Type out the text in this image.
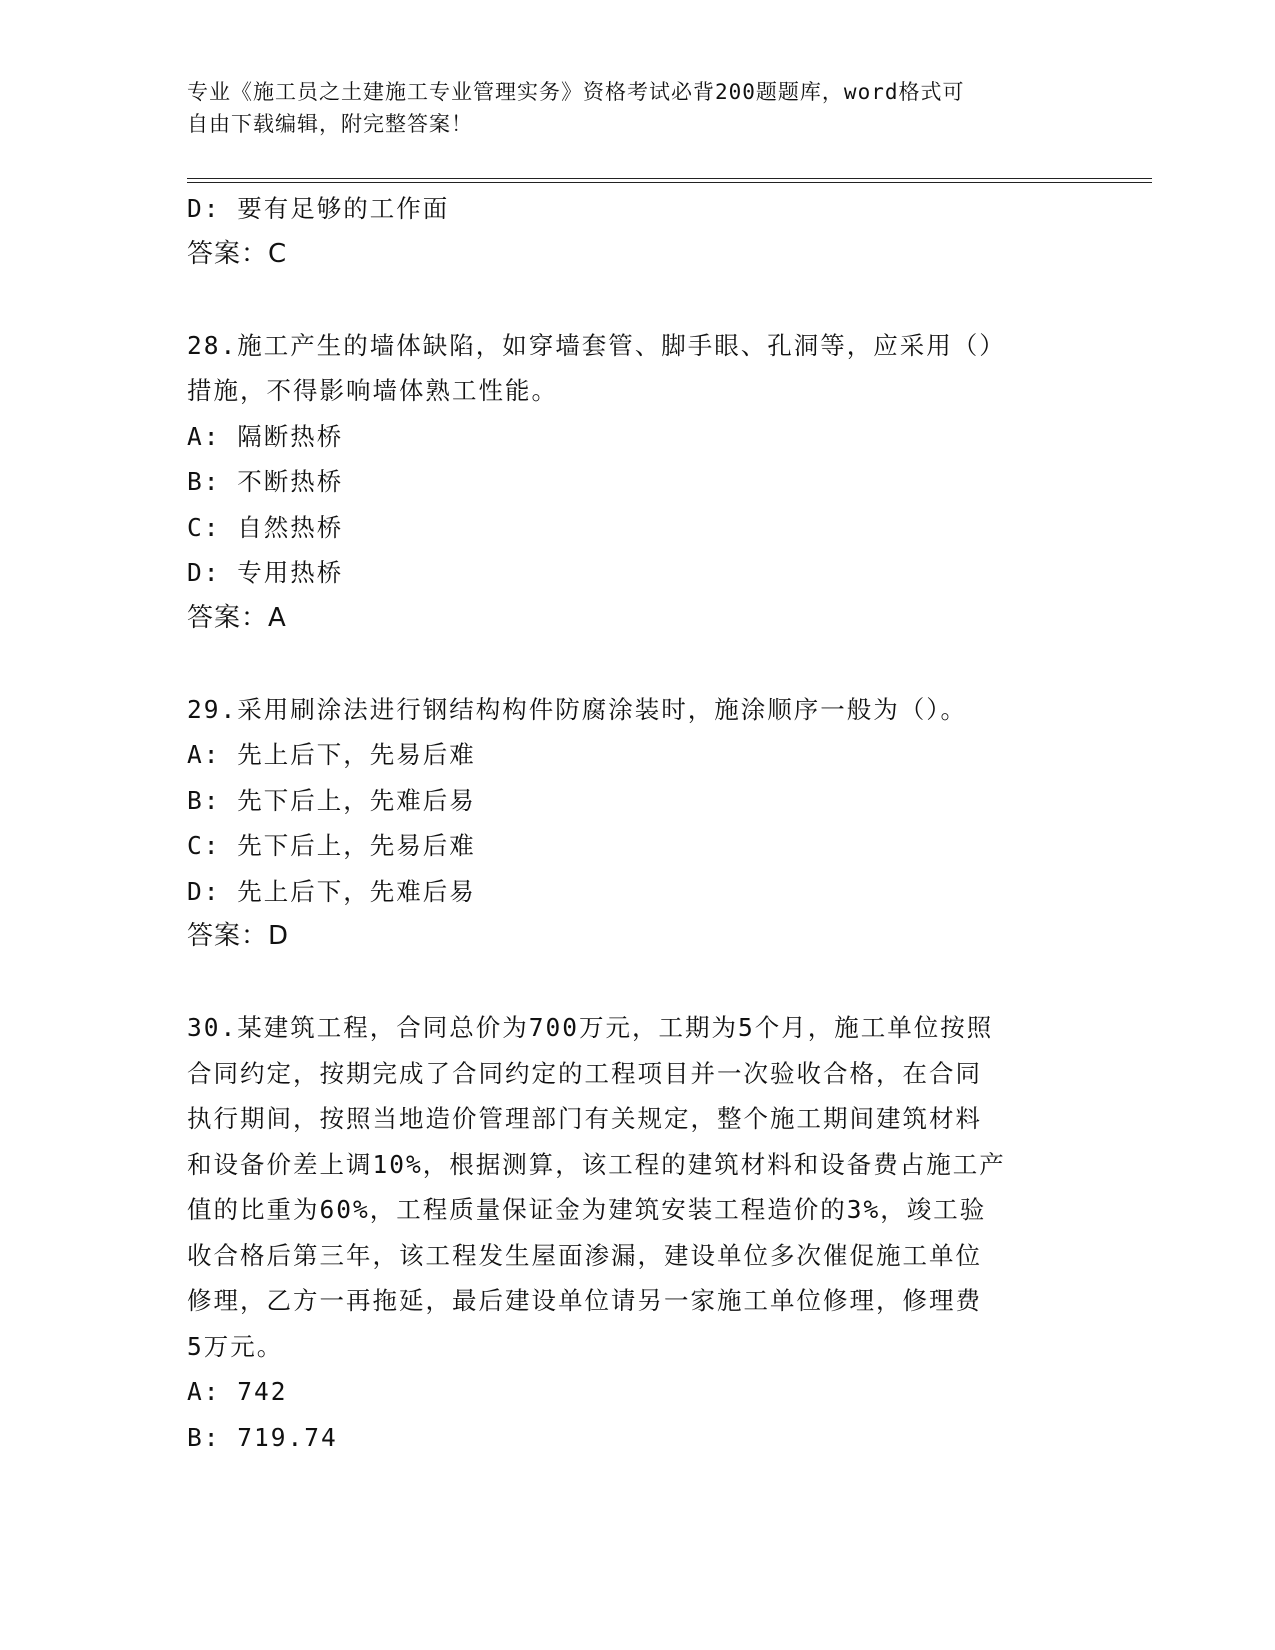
专业《施工员之土建施工专业管理实务》资格考试必背200题题库，word格式可
自由下载编辑，附完整答案！
D: 要有足够的工作面
答案：C
28.施工产生的墙体缺陷，如穿墙套管、脚手眼、孔洞等，应采用（）
措施，不得影响墙体熟工性能。
A: 隔断热桥
B: 不断热桥
C: 自然热桥
D: 专用热桥
答案：A
29.采用刷涂法进行钢结构构件防腐涂装时，施涂顺序一般为（）。
A: 先上后下，先易后难
B: 先下后上，先难后易
C: 先下后上，先易后难
D: 先上后下，先难后易
答案：D
30.某建筑工程，合同总价为700万元，工期为5个月，施工单位按照
合同约定，按期完成了合同约定的工程项目并一次验收合格，在合同
执行期间，按照当地造价管理部门有关规定，整个施工期间建筑材料
和设备价差上调10%，根据测算，该工程的建筑材料和设备费占施工产
值的比重为60%，工程质量保证金为建筑安装工程造价的3%，竣工验
收合格后第三年，该工程发生屋面渗漏，建设单位多次催促施工单位
修理，乙方一再拖延，最后建设单位请另一家施工单位修理，修理费
5万元。
A: 742
B: 719.74
